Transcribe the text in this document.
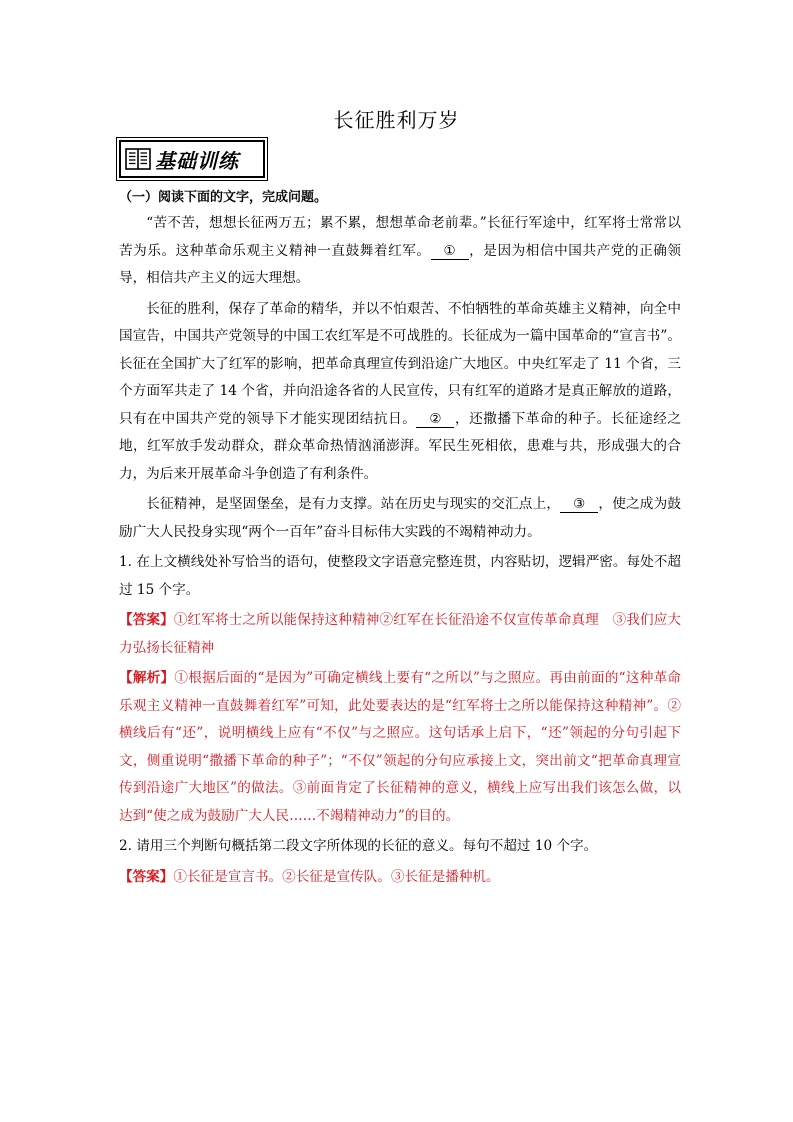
长征胜利万岁
基础训练
（一）阅读下面的文字，完成问题。

“苦不苦，想想长征两万五；累不累，想想革命老前辈。”长征行军途中，红军将士常常以苦为乐。这种革命乐观主义精神一直鼓舞着红军。 ① ，是因为相信中国共产党的正确领导，相信共产主义的远大理想。

长征的胜利，保存了革命的精华，并以不怕艰苦、不怕牺牲的革命英雄主义精神，向全中国宣告，中国共产党领导的中国工农红军是不可战胜的。长征成为一篇中国革命的“宣言书”。长征在全国扩大了红军的影响，把革命真理宣传到沿途广大地区。中央红军走了 11 个省，三个方面军共走了 14 个省，并向沿途各省的人民宣传，只有红军的道路才是真正解放的道路，只有在中国共产党的领导下才能实现团结抗日。 ② ，还撒播下革命的种子。长征途经之地，红军放手发动群众，群众革命热情汹涌澎湃。军民生死相依，患难与共，形成强大的合力，为后来开展革命斗争创造了有利条件。

长征精神，是坚固堡垒，是有力支撑。站在历史与现实的交汇点上， ③ ，使之成为鼓励广大人民投身实现“两个一百年”奋斗目标伟大实践的不竭精神动力。

1. 在上文横线处补写恰当的语句，使整段文字语意完整连贯，内容贴切，逻辑严密。每处不超过 15 个字。

【答案】①红军将士之所以能保持这种精神②红军在长征沿途不仅宣传革命真理　③我们应大力弘扬长征精神

【解析】①根据后面的“是因为”可确定横线上要有“之所以”与之照应。再由前面的“这种革命乐观主义精神一直鼓舞着红军”可知，此处要表达的是“红军将士之所以能保持这种精神”。②横线后有“还”，说明横线上应有“不仅”与之照应。这句话承上启下，“还”领起的分句引起下文，侧重说明“撒播下革命的种子”；“不仅”领起的分句应承接上文，突出前文“把革命真理宣传到沿途广大地区”的做法。③前面肯定了长征精神的意义，横线上应写出我们该怎么做，以达到“使之成为鼓励广大人民……不竭精神动力”的目的。

2. 请用三个判断句概括第二段文字所体现的长征的意义。每句不超过 10 个字。

【答案】①长征是宣言书。②长征是宣传队。③长征是播种机。
